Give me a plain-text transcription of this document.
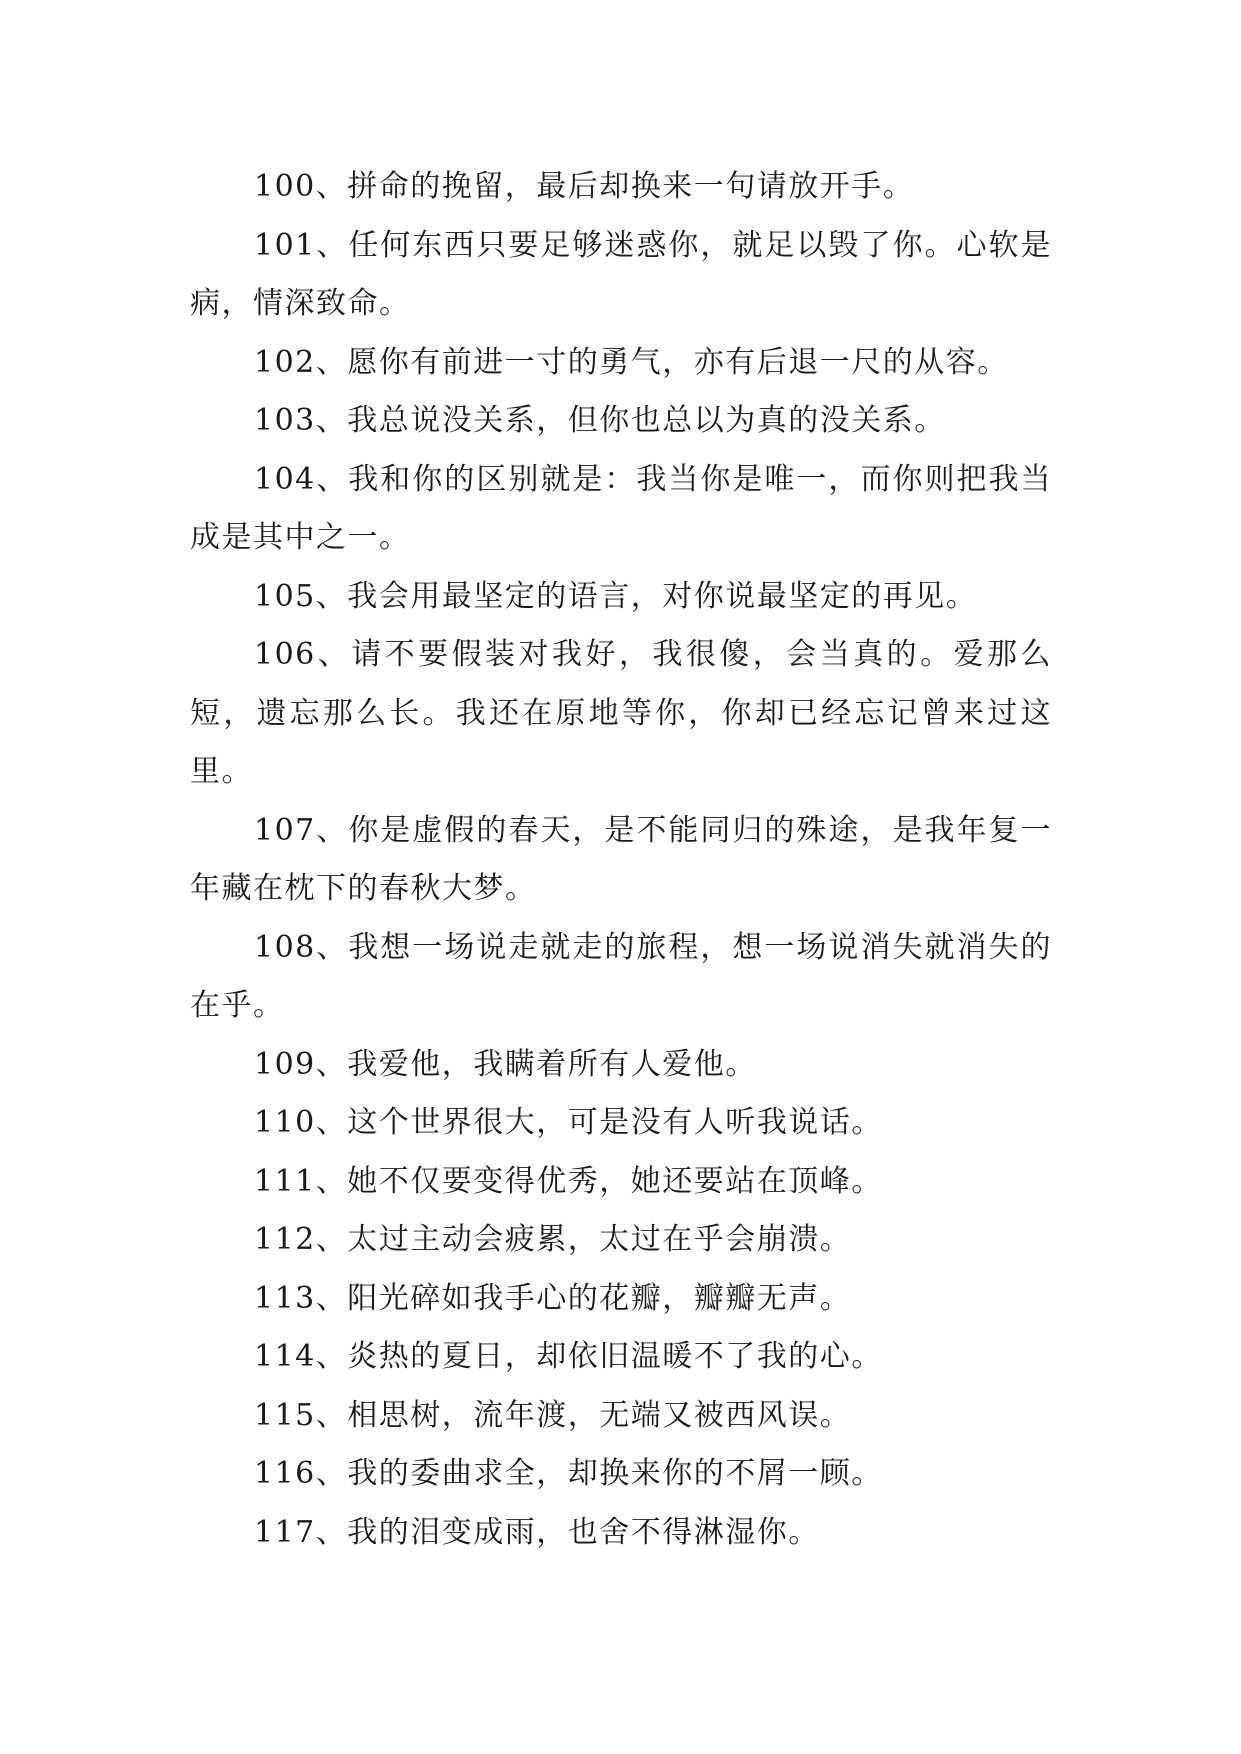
100、拼命的挽留，最后却换来一句请放开手。

101、任何东西只要足够迷惑你，就足以毁了你。心软是病，情深致命。

102、愿你有前进一寸的勇气，亦有后退一尺的从容。

103、我总说没关系，但你也总以为真的没关系。

104、我和你的区别就是：我当你是唯一，而你则把我当成是其中之一。

105、我会用最坚定的语言，对你说最坚定的再见。

106、请不要假装对我好，我很傻，会当真的。爱那么短，遗忘那么长。我还在原地等你，你却已经忘记曾来过这里。

107、你是虚假的春天，是不能同归的殊途，是我年复一年藏在枕下的春秋大梦。

108、我想一场说走就走的旅程，想一场说消失就消失的在乎。

109、我爱他，我瞒着所有人爱他。

110、这个世界很大，可是没有人听我说话。

111、她不仅要变得优秀，她还要站在顶峰。

112、太过主动会疲累，太过在乎会崩溃。

113、阳光碎如我手心的花瓣，瓣瓣无声。

114、炎热的夏日，却依旧温暖不了我的心。

115、相思树，流年渡，无端又被西风误。

116、我的委曲求全，却换来你的不屑一顾。

117、我的泪变成雨，也舍不得淋湿你。
